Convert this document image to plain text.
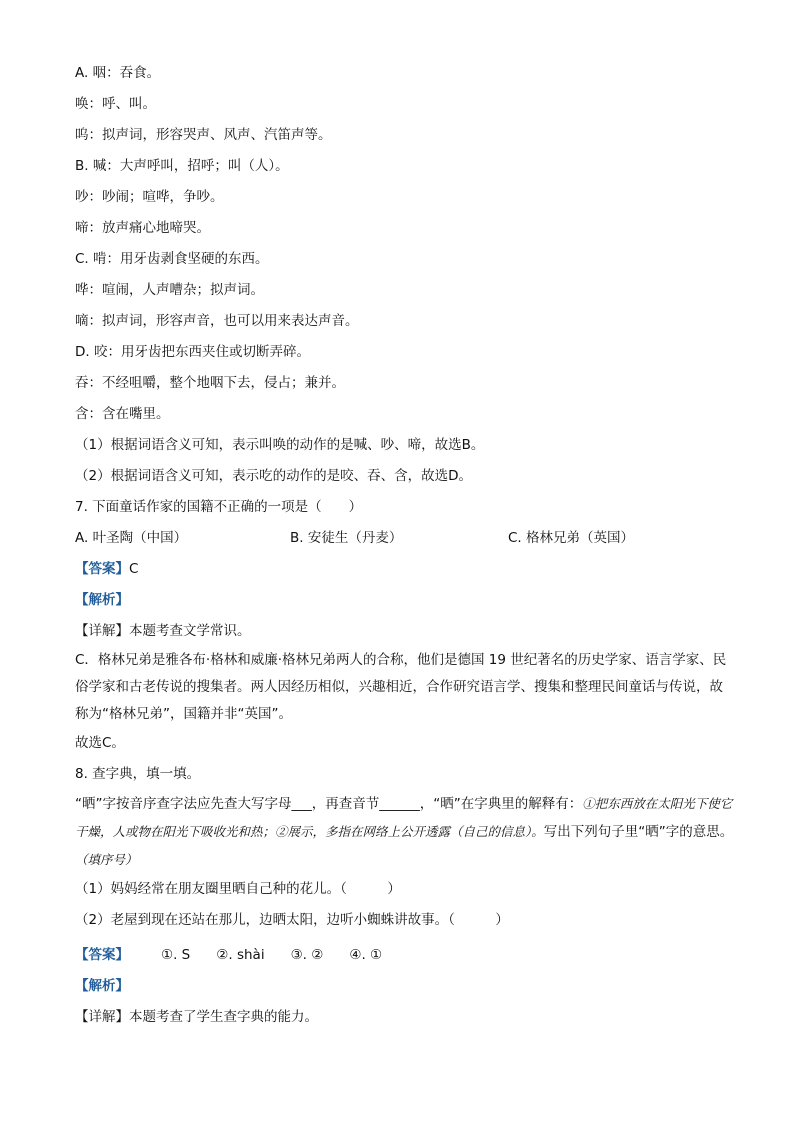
A. 咽：吞食。
唤：呼、叫。
呜：拟声词，形容哭声、风声、汽笛声等。
B. 喊：大声呼叫，招呼；叫（人）。
吵：吵闹；喧哗，争吵。
啼：放声痛心地啼哭。
C. 啃：用牙齿剥食坚硬的东西。
哗：喧闹，人声嘈杂；拟声词。
嘀：拟声词，形容声音，也可以用来表达声音。
D. 咬：用牙齿把东西夹住或切断弄碎。
吞：不经咀嚼，整个地咽下去，侵占；兼并。
含：含在嘴里。
（1）根据词语含义可知，表示叫唤的动作的是喊、吵、啼，故选B。
（2）根据词语含义可知，表示吃的动作的是咬、吞、含，故选D。
7. 下面童话作家的国籍不正确的一项是（　　）
A. 叶圣陶（中国）	B. 安徒生（丹麦）	C. 格林兄弟（英国）
【答案】C
【解析】
【详解】本题考查文学常识。
C．格林兄弟是雅各布·格林和威廉·格林兄弟两人的合称，他们是德国 19 世纪著名的历史学家、语言学家、民俗学家和古老传说的搜集者。两人因经历相似，兴趣相近，合作研究语言学、搜集和整理民间童话与传说，故称为“格林兄弟”，国籍并非“英国”。
故选C。
8. 查字典，填一填。
“晒”字按音序查字法应先查大写字母___，再查音节______，“晒”在字典里的解释有：①把东西放在太阳光下使它干燥，人或物在阳光下吸收光和热；②展示，多指在网络上公开透露（自己的信息）。写出下列句子里“晒”字的意思。（填序号）
（1）妈妈经常在朋友圈里晒自己种的花儿。（　　　）
（2）老屋到现在还站在那儿，边晒太阳，边听小蜘蛛讲故事。（　　　）
【答案】 ①. S ②. shài ③. ② ④. ①
【解析】
【详解】本题考查了学生查字典的能力。
